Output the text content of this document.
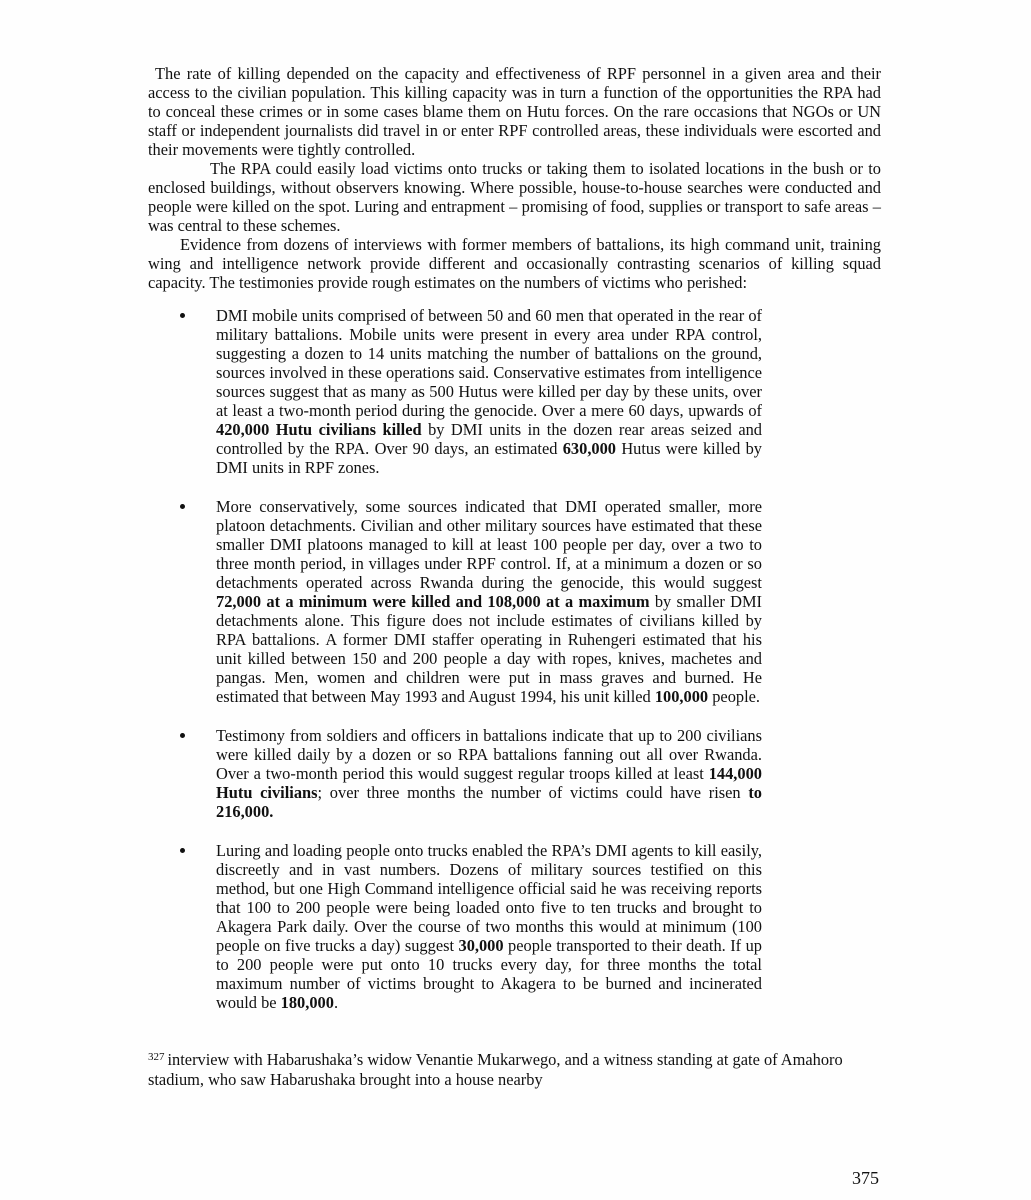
The rate of killing depended on the capacity and effectiveness of RPF personnel in a given area and their access to the civilian population. This killing capacity was in turn a function of the opportunities the RPA had to conceal these crimes or in some cases blame them on Hutu forces. On the rare occasions that NGOs or UN staff or independent journalists did travel in or enter RPF controlled areas, these individuals were escorted and their movements were tightly controlled.

The RPA could easily load victims onto trucks or taking them to isolated locations in the bush or to enclosed buildings, without observers knowing. Where possible, house-to-house searches were conducted and people were killed on the spot. Luring and entrapment – promising of food, supplies or transport to safe areas – was central to these schemes.

Evidence from dozens of interviews with former members of battalions, its high command unit, training wing and intelligence network provide different and occasionally contrasting scenarios of killing squad capacity. The testimonies provide rough estimates on the numbers of victims who perished:

DMI mobile units comprised of between 50 and 60 men that operated in the rear of military battalions. Mobile units were present in every area under RPA control, suggesting a dozen to 14 units matching the number of battalions on the ground, sources involved in these operations said. Conservative estimates from intelligence sources suggest that as many as 500 Hutus were killed per day by these units, over at least a two-month period during the genocide. Over a mere 60 days, upwards of 420,000 Hutu civilians killed by DMI units in the dozen rear areas seized and controlled by the RPA. Over 90 days, an estimated 630,000 Hutus were killed by DMI units in RPF zones.
More conservatively, some sources indicated that DMI operated smaller, more platoon detachments. Civilian and other military sources have estimated that these smaller DMI platoons managed to kill at least 100 people per day, over a two to three month period, in villages under RPF control. If, at a minimum a dozen or so detachments operated across Rwanda during the genocide, this would suggest 72,000 at a minimum were killed and 108,000 at a maximum by smaller DMI detachments alone. This figure does not include estimates of civilians killed by RPA battalions. A former DMI staffer operating in Ruhengeri estimated that his unit killed between 150 and 200 people a day with ropes, knives, machetes and pangas. Men, women and children were put in mass graves and burned. He estimated that between May 1993 and August 1994, his unit killed 100,000 people.
Testimony from soldiers and officers in battalions indicate that up to 200 civilians were killed daily by a dozen or so RPA battalions fanning out all over Rwanda. Over a two-month period this would suggest regular troops killed at least 144,000 Hutu civilians; over three months the number of victims could have risen to 216,000.
Luring and loading people onto trucks enabled the RPA’s DMI agents to kill easily, discreetly and in vast numbers. Dozens of military sources testified on this method, but one High Command intelligence official said he was receiving reports that 100 to 200 people were being loaded onto five to ten trucks and brought to Akagera Park daily. Over the course of two months this would at minimum (100 people on five trucks a day) suggest 30,000 people transported to their death. If up to 200 people were put onto 10 trucks every day, for three months the total maximum number of victims brought to Akagera to be burned and incinerated would be 180,000.
$^{327}$ interview with Habarushaka’s widow Venantie Mukarwego, and a witness standing at gate of Amahoro stadium, who saw Habarushaka brought into a house nearby
375
